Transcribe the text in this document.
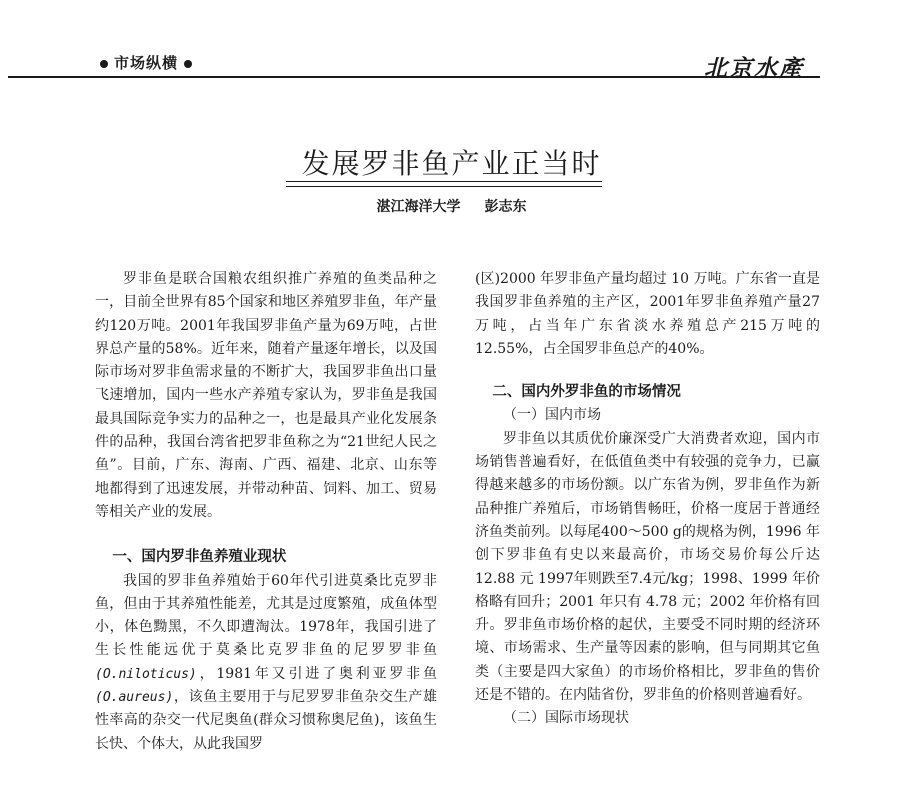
市场纵横	北京水產
发展罗非鱼产业正当时
湛江海洋大学 彭志东

罗非鱼是联合国粮农组织推广养殖的鱼类品种之一，目前全世界有85个国家和地区养殖罗非鱼，年产量约120万吨。2001年我国罗非鱼产量为69万吨，占世界总产量的58%。近年来，随着产量逐年增长，以及国际市场对罗非鱼需求量的不断扩大，我国罗非鱼出口量飞速增加，国内一些水产养殖专家认为，罗非鱼是我国最具国际竞争实力的品种之一，也是最具产业化发展条件的品种，我国台湾省把罗非鱼称之为“21世纪人民之鱼”。目前，广东、海南、广西、福建、北京、山东等地都得到了迅速发展，并带动种苗、饲料、加工、贸易等相关产业的发展。

一、国内罗非鱼养殖业现状

我国的罗非鱼养殖始于60年代引进莫桑比克罗非鱼，但由于其养殖性能差，尤其是过度繁殖，成鱼体型小，体色黝黑，不久即遭淘汰。1978年，我国引进了生长性能远优于莫桑比克罗非鱼的尼罗罗非鱼(O.niloticus)，1981年又引进了奥利亚罗非鱼(O.aureus)，该鱼主要用于与尼罗罗非鱼杂交生产雄性率高的杂交一代尼奥鱼(群众习惯称奥尼鱼)，该鱼生长快、个体大，从此我国罗

(区)2000 年罗非鱼产量均超过 10 万吨。广东省一直是我国罗非鱼养殖的主产区，2001年罗非鱼养殖产量27万吨，占当年广东省淡水养殖总产215万吨的12.55%，占全国罗非鱼总产的40%。

二、国内外罗非鱼的市场情况
（一）国内市场

罗非鱼以其质优价廉深受广大消费者欢迎，国内市场销售普遍看好，在低值鱼类中有较强的竞争力，已赢得越来越多的市场份额。以广东省为例，罗非鱼作为新品种推广养殖后，市场销售畅旺，价格一度居于普通经济鱼类前列。以每尾400～500 g的规格为例，1996 年创下罗非鱼有史以来最高价，市场交易价每公斤达 12.88 元 1997年则跌至7.4元/kg；1998、1999 年价格略有回升；2001 年只有 4.78 元；2002 年价格有回升。罗非鱼市场价格的起伏，主要受不同时期的经济环境、市场需求、生产量等因素的影响，但与同期其它鱼类（主要是四大家鱼）的市场价格相比，罗非鱼的售价还是不错的。在内陆省份，罗非鱼的价格则普遍看好。

（二）国际市场现状
